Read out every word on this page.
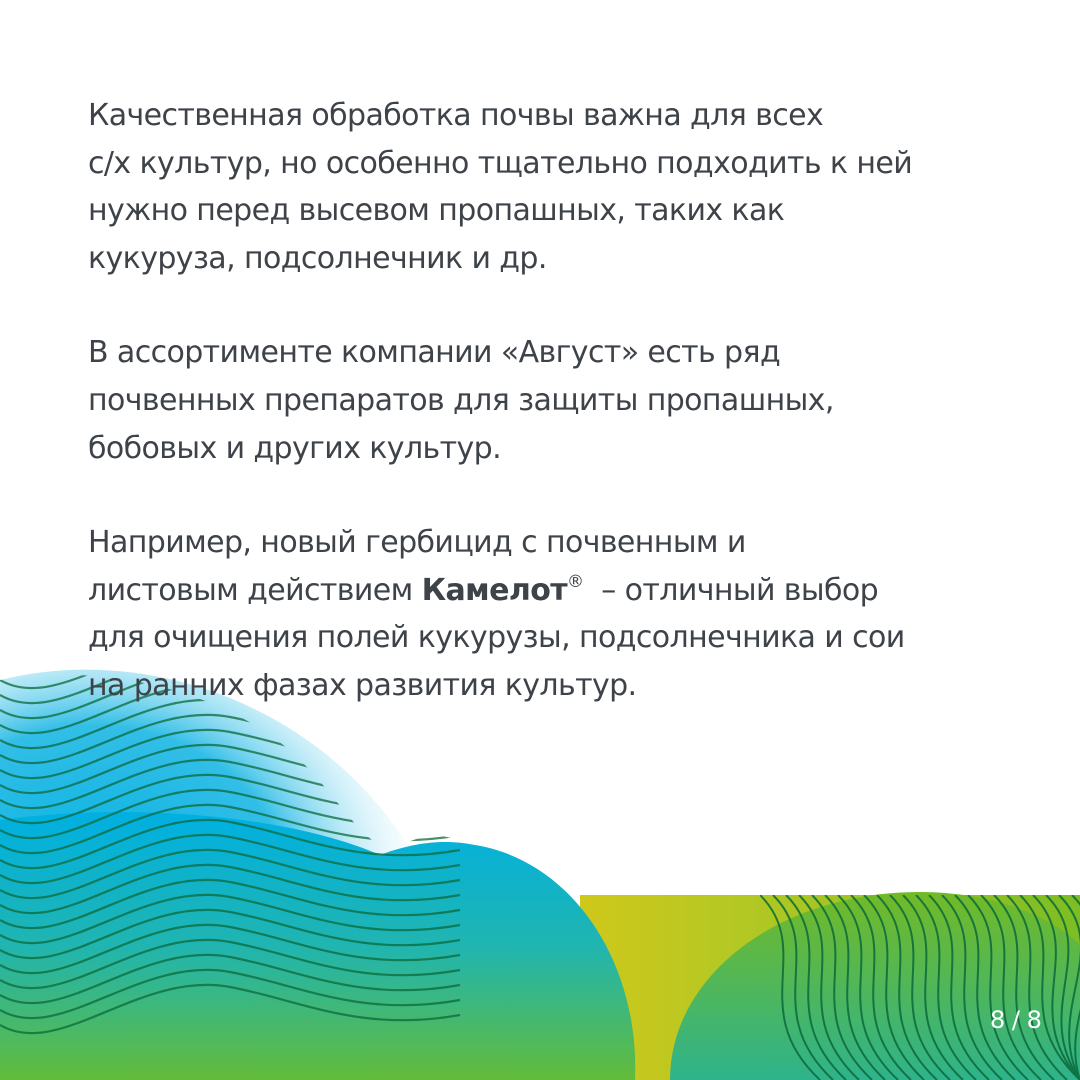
Качественная обработка почвы важна для всех
с/х культур, но особенно тщательно подходить к ней
нужно перед высевом пропашных, таких как
кукуруза, подсолнечник и др.
В ассортименте компании «Август» есть ряд
почвенных препаратов для защиты пропашных,
бобовых и других культур.
Например, новый гербицид с почвенным и
листовым действием Камелот®  – отличный выбор
для очищения полей кукурузы, подсолнечника и сои
на ранних фазах развития культур.
8 / 8
